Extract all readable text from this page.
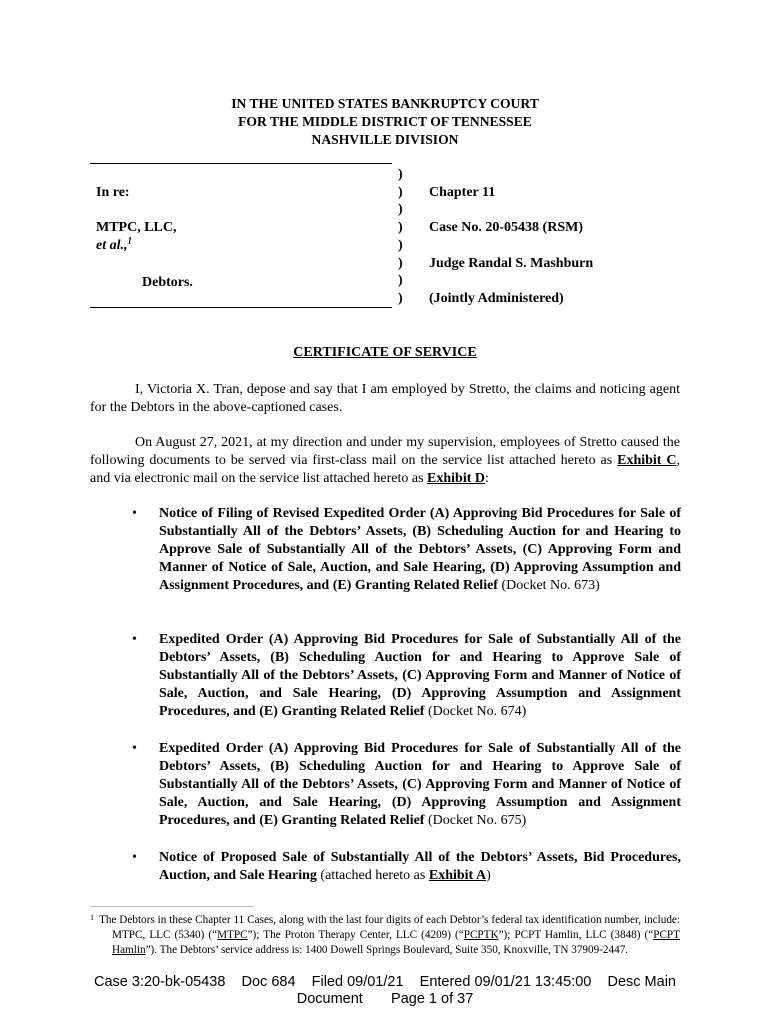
IN THE UNITED STATES BANKRUPTCY COURT
FOR THE MIDDLE DISTRICT OF TENNESSEE
NASHVILLE DIVISION
In re:
MTPC, LLC,
et al.,$^1$
Debtors.
)
)
)
)
)
)
)
)
Chapter 11
Case No. 20-05438 (RSM)
Judge Randal S. Mashburn
(Jointly Administered)
CERTIFICATE OF SERVICE
I, Victoria X. Tran, depose and say that I am employed by Stretto, the claims and noticing agent for the Debtors in the above-captioned cases.
On August 27, 2021, at my direction and under my supervision, employees of Stretto caused the following documents to be served via first-class mail on the service list attached hereto as Exhibit C, and via electronic mail on the service list attached hereto as Exhibit D:
• Notice of Filing of Revised Expedited Order (A) Approving Bid Procedures for Sale of Substantially All of the Debtors’ Assets, (B) Scheduling Auction for and Hearing to Approve Sale of Substantially All of the Debtors’ Assets, (C) Approving Form and Manner of Notice of Sale, Auction, and Sale Hearing, (D) Approving Assumption and Assignment Procedures, and (E) Granting Related Relief (Docket No. 673)
• Expedited Order (A) Approving Bid Procedures for Sale of Substantially All of the Debtors’ Assets, (B) Scheduling Auction for and Hearing to Approve Sale of Substantially All of the Debtors’ Assets, (C) Approving Form and Manner of Notice of Sale, Auction, and Sale Hearing, (D) Approving Assumption and Assignment Procedures, and (E) Granting Related Relief (Docket No. 674)
• Expedited Order (A) Approving Bid Procedures for Sale of Substantially All of the Debtors’ Assets, (B) Scheduling Auction for and Hearing to Approve Sale of Substantially All of the Debtors’ Assets, (C) Approving Form and Manner of Notice of Sale, Auction, and Sale Hearing, (D) Approving Assumption and Assignment Procedures, and (E) Granting Related Relief (Docket No. 675)
• Notice of Proposed Sale of Substantially All of the Debtors’ Assets, Bid Procedures, Auction, and Sale Hearing (attached hereto as Exhibit A)
1 The Debtors in these Chapter 11 Cases, along with the last four digits of each Debtor’s federal tax identification number, include: MTPC, LLC (5340) (“MTPC”); The Proton Therapy Center, LLC (4209) (“PCPTK”); PCPT Hamlin, LLC (3848) (“PCPT Hamlin”). The Debtors’ service address is: 1400 Dowell Springs Boulevard, Suite 350, Knoxville, TN 37909-2447.
Case 3:20-bk-05438    Doc 684    Filed 09/01/21    Entered 09/01/21 13:45:00    Desc Main
Document       Page 1 of 37
